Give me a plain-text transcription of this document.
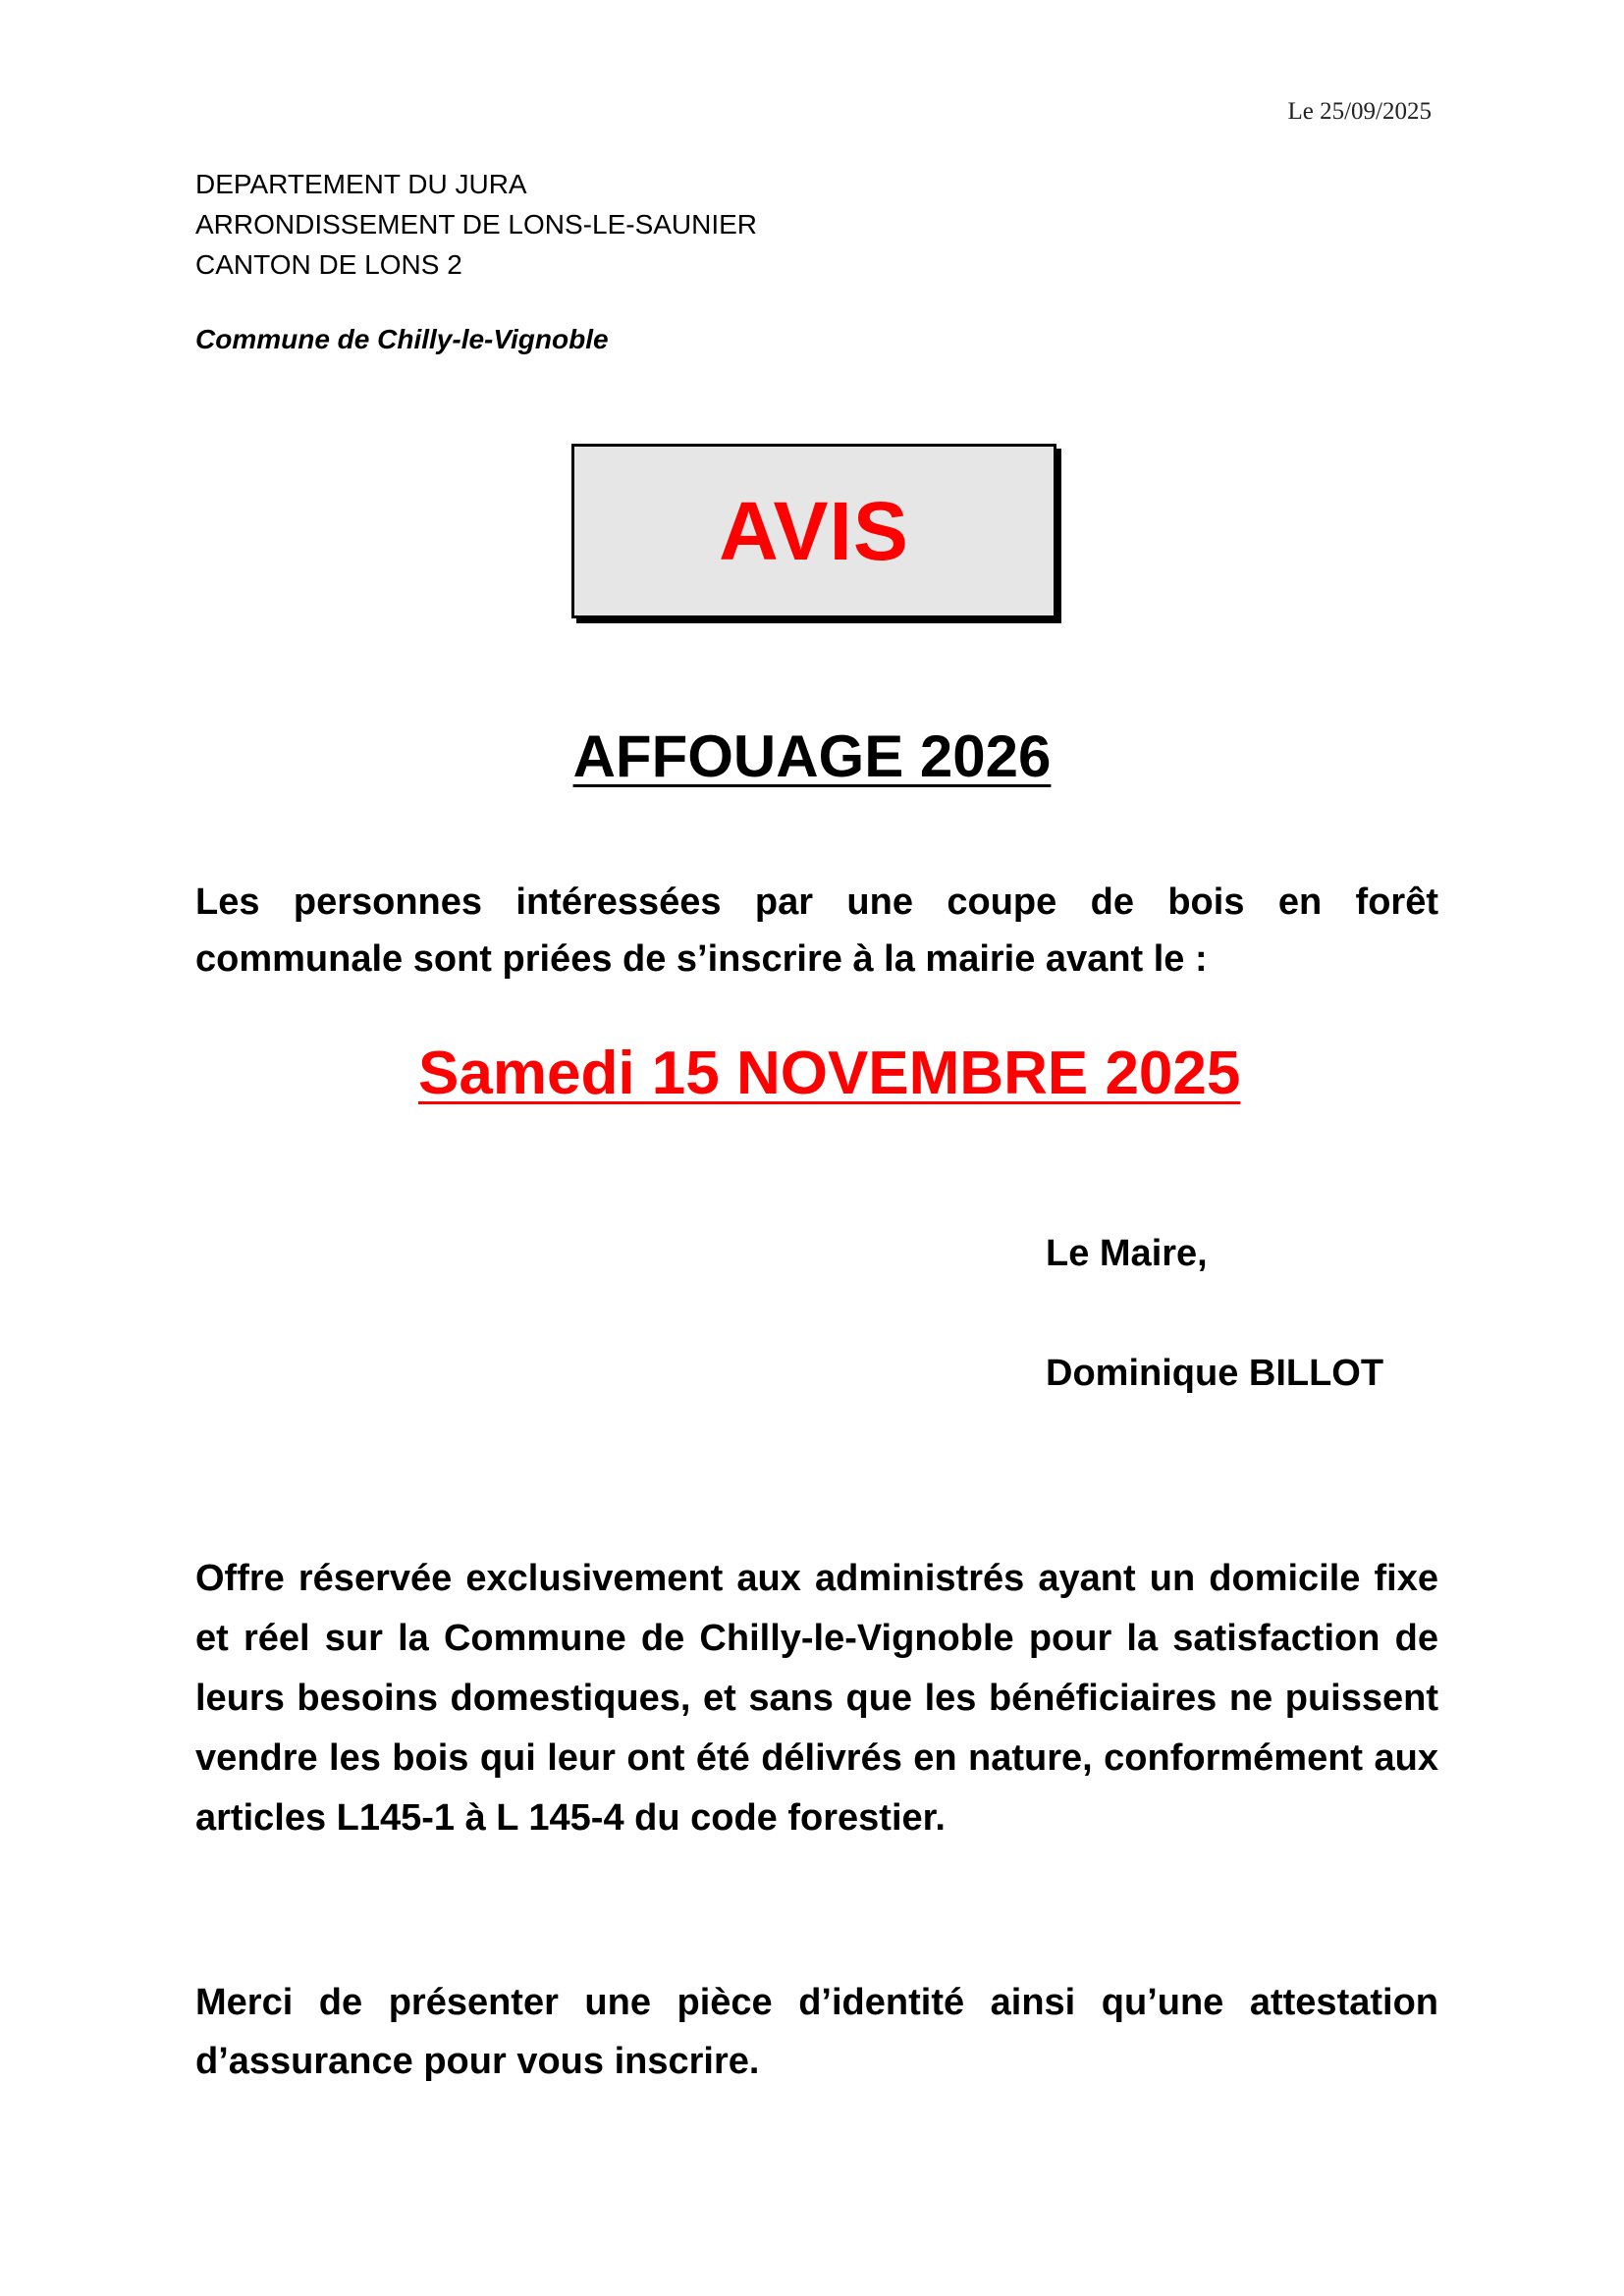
Le 25/09/2025
DEPARTEMENT DU JURA
ARRONDISSEMENT DE LONS-LE-SAUNIER
CANTON DE LONS 2
Commune de Chilly-le-Vignoble
AVIS
AFFOUAGE 2026
Les personnes intéressées par une coupe de bois en forêt communale sont priées de s’inscrire à la mairie avant le :
Samedi 15 NOVEMBRE 2025
Le Maire,
Dominique BILLOT
Offre réservée exclusivement aux administrés ayant un domicile fixe et réel sur la Commune de Chilly-le-Vignoble pour la satisfaction de leurs besoins domestiques, et sans que les bénéficiaires ne puissent vendre les bois qui leur ont été délivrés en nature, conformément aux articles L145-1 à L 145-4 du code forestier.
Merci de présenter une pièce d’identité ainsi qu’une attestation d’assurance pour vous inscrire.
